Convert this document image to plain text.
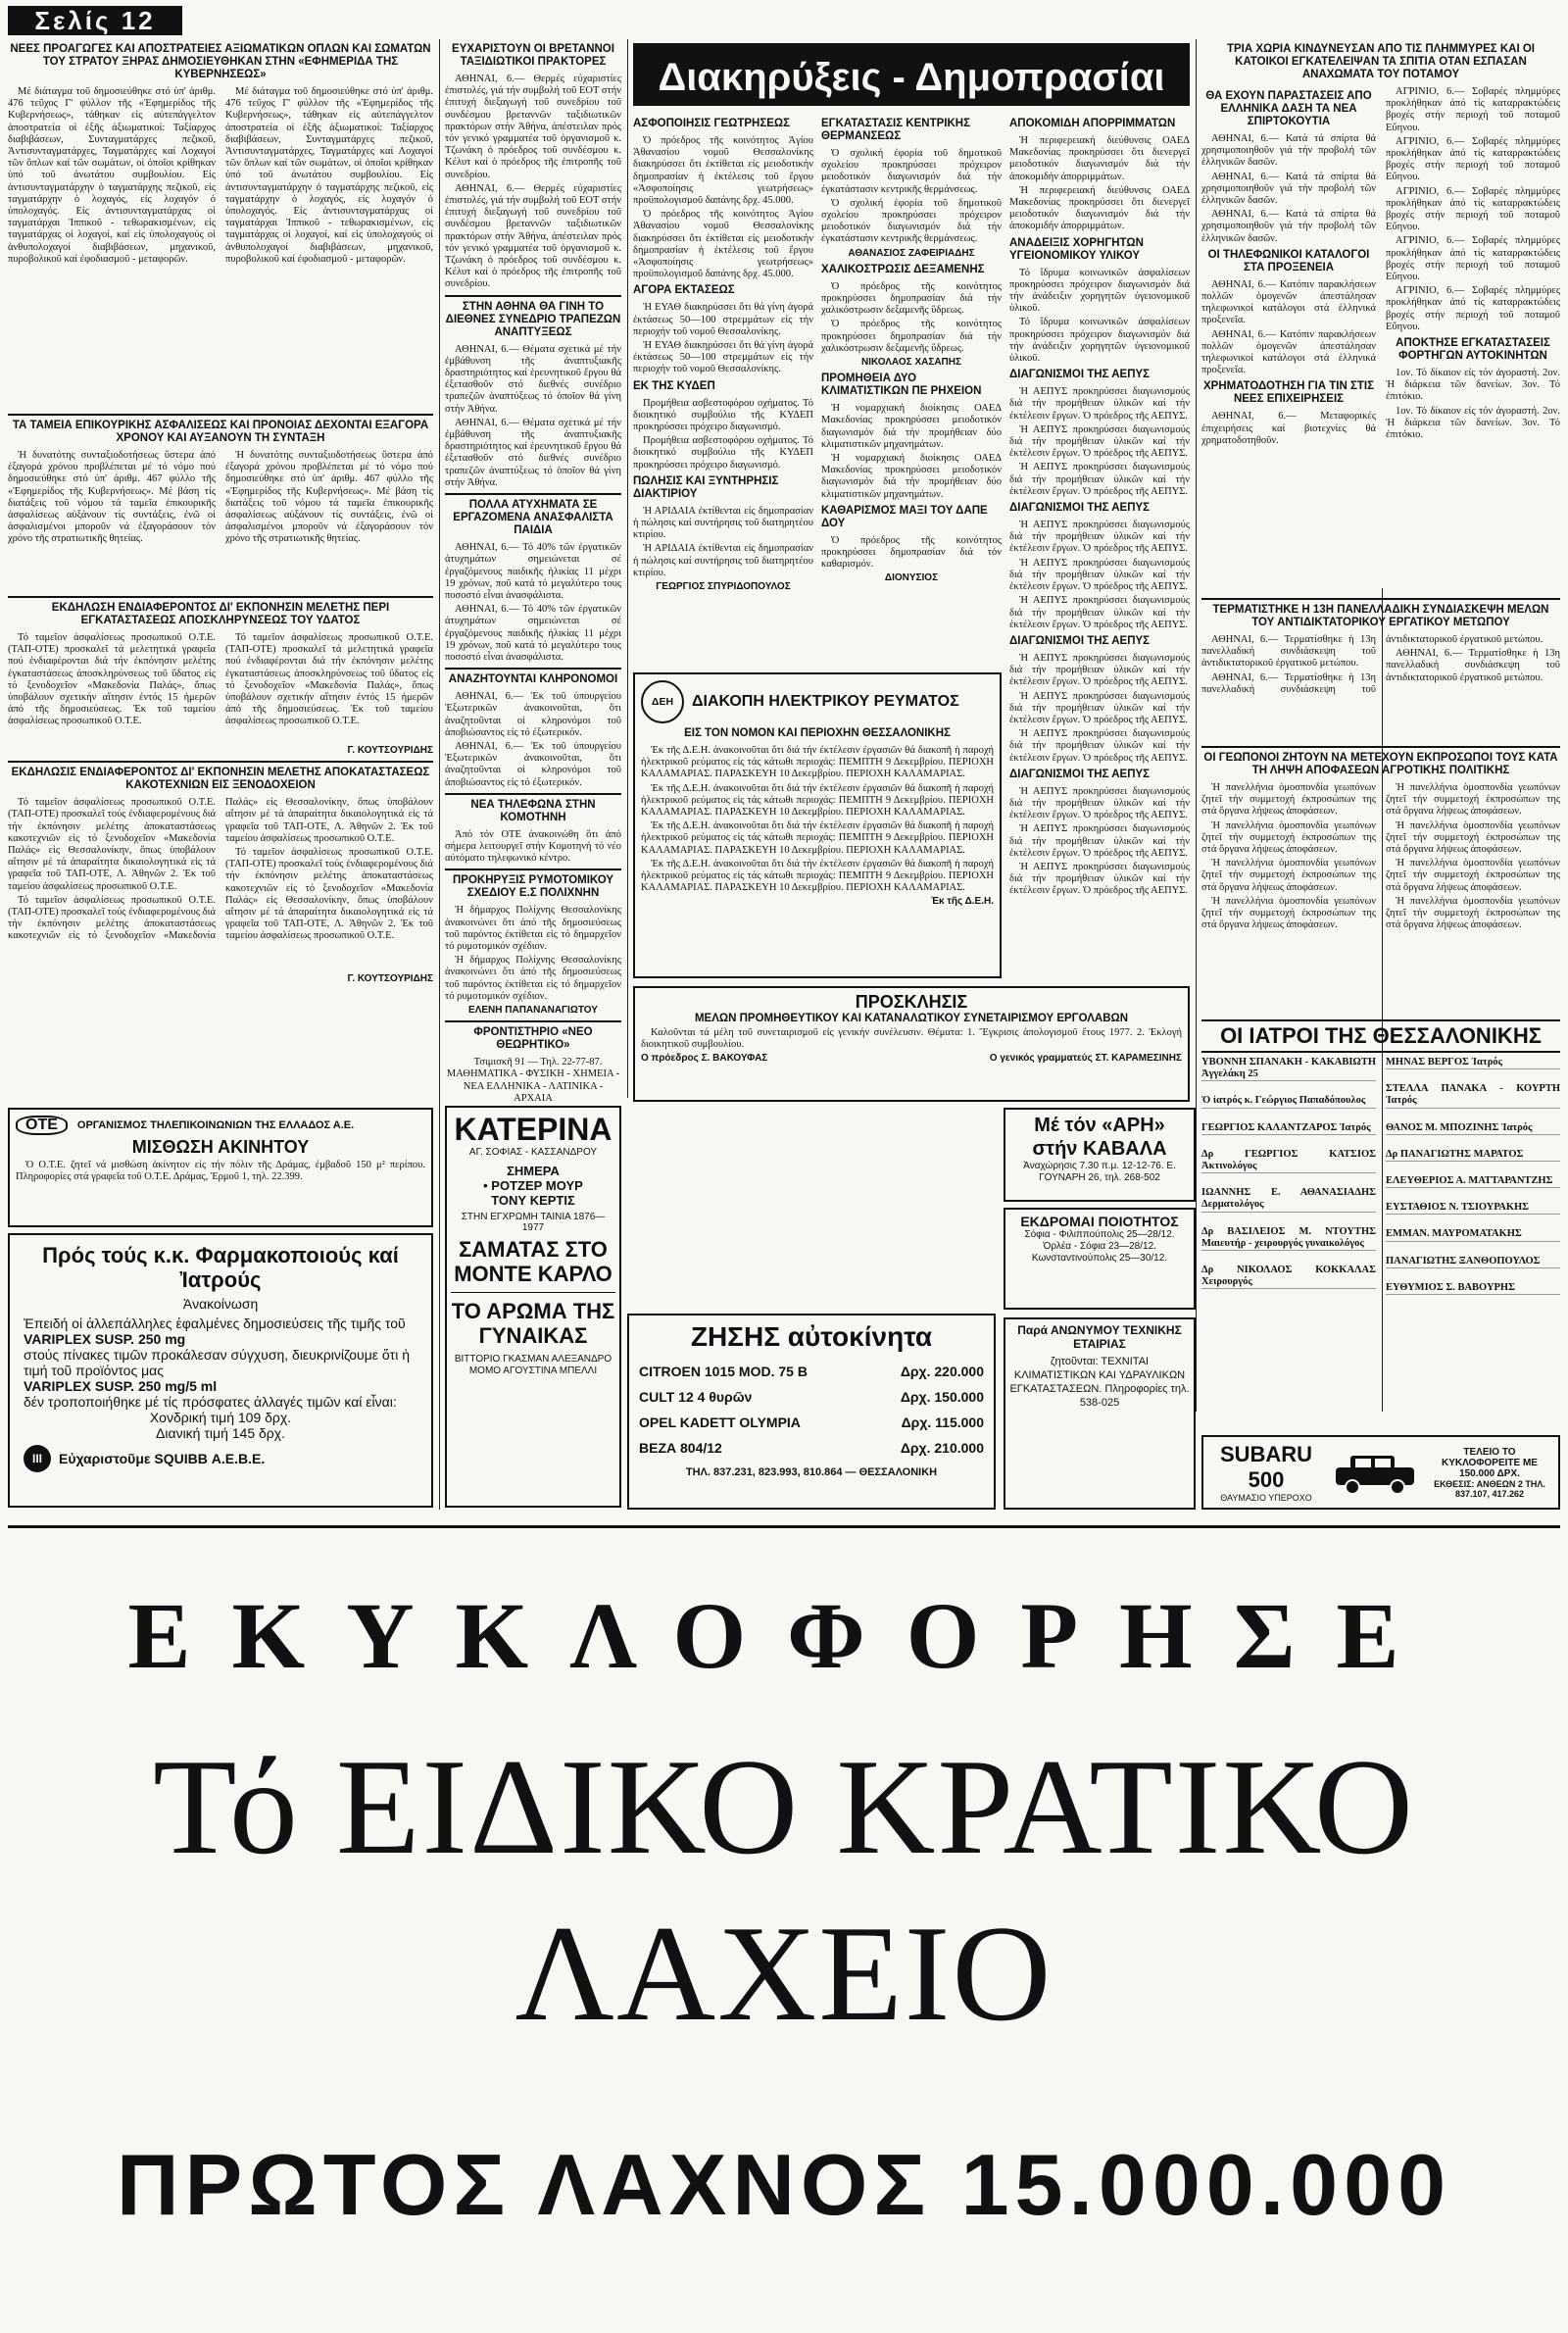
Σελίς 12
ΝΕΕΣ ΠΡΟΑΓΩΓΕΣ ΚΑΙ ΑΠΟΣΤΡΑΤΕΙΕΣ ΑΞΙΩΜΑΤΙΚΩΝ ΟΠΛΩΝ ΚΑΙ ΣΩΜΑΤΩΝ ΤΟΥ ΣΤΡΑΤΟΥ ΞΗΡΑΣ ΔΗΜΟΣΙΕΥΘΗΚΑΝ ΣΤΗΝ «ΕΦΗΜΕΡΙΔΑ ΤΗΣ ΚΥΒΕΡΝΗΣΕΩΣ»

Μέ διάταγμα τοῦ δημοσιεύθηκε στό ὑπ' ἀριθμ. 476 τεῦχος Γ' φύλλον τῆς «Ἐφημερίδος τῆς Κυβερνήσεως», τάθηκαν εἰς αὐτεπάγγελτον ἀποστρατεία οἱ ἑξῆς ἀξιωματικοί: Ταξίαρχος διαβιβάσεων, Συνταγματάρχες πεζικοῦ, Ἀντισυνταγματάρχες, Ταγματάρχες καί Λοχαγοί τῶν ὅπλων καί τῶν σωμάτων, οἱ ὁποῖοι κρίθηκαν ὑπό τοῦ ἀνωτάτου συμβουλίου. Εἰς ἀντισυνταγματάρχην ὁ ταγματάρχης πεζικοῦ, εἰς ταγματάρχην ὁ λοχαγός, εἰς λοχαγόν ὁ ὑπολοχαγός. Εἰς ἀντισυνταγματάρχας οἱ ταγματάρχαι Ἱππικοῦ - τεθωρακισμένων, εἰς ταγματάρχας οἱ λοχαγοί, καί εἰς ὑπολοχαγούς οἱ ἀνθυπολοχαγοί διαβιβάσεων, μηχανικοῦ, πυροβολικοῦ καί ἐφοδιασμοῦ - μεταφορῶν.

Μέ διάταγμα τοῦ δημοσιεύθηκε στό ὑπ' ἀριθμ. 476 τεῦχος Γ' φύλλον τῆς «Ἐφημερίδος τῆς Κυβερνήσεως», τάθηκαν εἰς αὐτεπάγγελτον ἀποστρατεία οἱ ἑξῆς ἀξιωματικοί: Ταξίαρχος διαβιβάσεων, Συνταγματάρχες πεζικοῦ, Ἀντισυνταγματάρχες, Ταγματάρχες καί Λοχαγοί τῶν ὅπλων καί τῶν σωμάτων, οἱ ὁποῖοι κρίθηκαν ὑπό τοῦ ἀνωτάτου συμβουλίου. Εἰς ἀντισυνταγματάρχην ὁ ταγματάρχης πεζικοῦ, εἰς ταγματάρχην ὁ λοχαγός, εἰς λοχαγόν ὁ ὑπολοχαγός. Εἰς ἀντισυνταγματάρχας οἱ ταγματάρχαι Ἱππικοῦ - τεθωρακισμένων, εἰς ταγματάρχας οἱ λοχαγοί, καί εἰς ὑπολοχαγούς οἱ ἀνθυπολοχαγοί διαβιβάσεων, μηχανικοῦ, πυροβολικοῦ καί ἐφοδιασμοῦ - μεταφορῶν.

ΤΑ ΤΑΜΕΙΑ ΕΠΙΚΟΥΡΙΚΗΣ ΑΣΦΑΛΙΣΕΩΣ ΚΑΙ ΠΡΟΝΟΙΑΣ ΔΕΧΟΝΤΑΙ ΕΞΑΓΟΡΑ ΧΡΟΝΟΥ ΚΑΙ ΑΥΞΑΝΟΥΝ ΤΗ ΣΥΝΤΑΞΗ

Ἡ δυνατότης συνταξιοδοτήσεως ὕστερα ἀπό ἐξαγορά χρόνου προβλέπεται μέ τό νόμο πού δημοσιεύθηκε στό ὑπ' ἀριθμ. 467 φύλλο τῆς «Ἐφημερίδος τῆς Κυβερνήσεως». Μέ βάση τίς διατάξεις τοῦ νόμου τά ταμεῖα ἐπικουρικῆς ἀσφαλίσεως αὐξάνουν τίς συντάξεις, ἐνῶ οἱ ἀσφαλισμένοι μποροῦν νά ἐξαγοράσουν τόν χρόνο τῆς στρατιωτικῆς θητείας.

Ἡ δυνατότης συνταξιοδοτήσεως ὕστερα ἀπό ἐξαγορά χρόνου προβλέπεται μέ τό νόμο πού δημοσιεύθηκε στό ὑπ' ἀριθμ. 467 φύλλο τῆς «Ἐφημερίδος τῆς Κυβερνήσεως». Μέ βάση τίς διατάξεις τοῦ νόμου τά ταμεῖα ἐπικουρικῆς ἀσφαλίσεως αὐξάνουν τίς συντάξεις, ἐνῶ οἱ ἀσφαλισμένοι μποροῦν νά ἐξαγοράσουν τόν χρόνο τῆς στρατιωτικῆς θητείας.

ΕΚΔΗΛΩΣΗ ΕΝΔΙΑΦΕΡΟΝΤΟΣ ΔΙ' ΕΚΠΟΝΗΣΙΝ ΜΕΛΕΤΗΣ ΠΕΡΙ ΕΓΚΑΤΑΣΤΑΣΕΩΣ ΑΠΟΣΚΛΗΡΥΝΣΕΩΣ ΤΟΥ ΥΔΑΤΟΣ

Τό ταμεῖον ἀσφαλίσεως προσωπικοῦ Ο.Τ.Ε. (ΤΑΠ-ΟΤΕ) προσκαλεῖ τά μελετητικά γραφεῖα πού ἐνδιαφέρονται διά τήν ἐκπόνησιν μελέτης ἐγκαταστάσεως ἀποσκληρύνσεως τοῦ ὕδατος εἰς τό ξενοδοχεῖον «Μακεδονία Παλάς», ὅπως ὑποβάλουν σχετικήν αἴτησιν ἐντός 15 ἡμερῶν ἀπό τῆς δημοσιεύσεως. Ἐκ τοῦ ταμείου ἀσφαλίσεως προσωπικοῦ Ο.Τ.Ε.

Τό ταμεῖον ἀσφαλίσεως προσωπικοῦ Ο.Τ.Ε. (ΤΑΠ-ΟΤΕ) προσκαλεῖ τά μελετητικά γραφεῖα πού ἐνδιαφέρονται διά τήν ἐκπόνησιν μελέτης ἐγκαταστάσεως ἀποσκληρύνσεως τοῦ ὕδατος εἰς τό ξενοδοχεῖον «Μακεδονία Παλάς», ὅπως ὑποβάλουν σχετικήν αἴτησιν ἐντός 15 ἡμερῶν ἀπό τῆς δημοσιεύσεως. Ἐκ τοῦ ταμείου ἀσφαλίσεως προσωπικοῦ Ο.Τ.Ε.

Γ. ΚΟΥΤΣΟΥΡΙΔΗΣ
ΕΚΔΗΛΩΣΙΣ ΕΝΔΙΑΦΕΡΟΝΤΟΣ ΔΙ' ΕΚΠΟΝΗΣΙΝ ΜΕΛΕΤΗΣ ΑΠΟΚΑΤΑΣΤΑΣΕΩΣ ΚΑΚΟΤΕΧΝΙΩΝ ΕΙΣ ΞΕΝΟΔΟΧΕΙΟΝ

Τό ταμεῖον ἀσφαλίσεως προσωπικοῦ Ο.Τ.Ε. (ΤΑΠ-ΟΤΕ) προσκαλεῖ τούς ἐνδιαφερομένους διά τήν ἐκπόνησιν μελέτης ἀποκαταστάσεως κακοτεχνιῶν εἰς τό ξενοδοχεῖον «Μακεδονία Παλάς» εἰς Θεσσαλονίκην, ὅπως ὑποβάλουν αἴτησιν μέ τά ἀπαραίτητα δικαιολογητικά εἰς τά γραφεῖα τοῦ ΤΑΠ-ΟΤΕ, Λ. Ἀθηνῶν 2. Ἐκ τοῦ ταμείου ἀσφαλίσεως προσωπικοῦ Ο.Τ.Ε.

Τό ταμεῖον ἀσφαλίσεως προσωπικοῦ Ο.Τ.Ε. (ΤΑΠ-ΟΤΕ) προσκαλεῖ τούς ἐνδιαφερομένους διά τήν ἐκπόνησιν μελέτης ἀποκαταστάσεως κακοτεχνιῶν εἰς τό ξενοδοχεῖον «Μακεδονία Παλάς» εἰς Θεσσαλονίκην, ὅπως ὑποβάλουν αἴτησιν μέ τά ἀπαραίτητα δικαιολογητικά εἰς τά γραφεῖα τοῦ ΤΑΠ-ΟΤΕ, Λ. Ἀθηνῶν 2. Ἐκ τοῦ ταμείου ἀσφαλίσεως προσωπικοῦ Ο.Τ.Ε.

Τό ταμεῖον ἀσφαλίσεως προσωπικοῦ Ο.Τ.Ε. (ΤΑΠ-ΟΤΕ) προσκαλεῖ τούς ἐνδιαφερομένους διά τήν ἐκπόνησιν μελέτης ἀποκαταστάσεως κακοτεχνιῶν εἰς τό ξενοδοχεῖον «Μακεδονία Παλάς» εἰς Θεσσαλονίκην, ὅπως ὑποβάλουν αἴτησιν μέ τά ἀπαραίτητα δικαιολογητικά εἰς τά γραφεῖα τοῦ ΤΑΠ-ΟΤΕ, Λ. Ἀθηνῶν 2. Ἐκ τοῦ ταμείου ἀσφαλίσεως προσωπικοῦ Ο.Τ.Ε.

Γ. ΚΟΥΤΣΟΥΡΙΔΗΣ
ΕΥΧΑΡΙΣΤΟΥΝ ΟΙ ΒΡΕΤΑΝΝΟΙ ΤΑΞΙΔΙΩΤΙΚΟΙ ΠΡΑΚΤΟΡΕΣ

ΑΘΗΝΑΙ, 6.— Θερμές εὐχαριστίες ἐπιστολές, γιά τήν συμβολή τοῦ ΕΟΤ στήν ἐπιτυχή διεξαγωγή τοῦ συνεδρίου τοῦ συνδέσμου βρεταννῶν ταξιδιωτικῶν πρακτόρων στήν Ἀθήνα, ἀπέστειλαν πρός τόν γενικό γραμματέα τοῦ ὀργανισμοῦ κ. Τζωνάκη ὁ πρόεδρος τοῦ συνδέσμου κ. Κέλυτ καί ὁ πρόεδρος τῆς ἐπιτροπῆς τοῦ συνεδρίου.

ΑΘΗΝΑΙ, 6.— Θερμές εὐχαριστίες ἐπιστολές, γιά τήν συμβολή τοῦ ΕΟΤ στήν ἐπιτυχή διεξαγωγή τοῦ συνεδρίου τοῦ συνδέσμου βρεταννῶν ταξιδιωτικῶν πρακτόρων στήν Ἀθήνα, ἀπέστειλαν πρός τόν γενικό γραμματέα τοῦ ὀργανισμοῦ κ. Τζωνάκη ὁ πρόεδρος τοῦ συνδέσμου κ. Κέλυτ καί ὁ πρόεδρος τῆς ἐπιτροπῆς τοῦ συνεδρίου.

ΣΤΗΝ ΑΘΗΝΑ ΘΑ ΓΙΝΗ ΤΟ ΔΙΕΘΝΕΣ ΣΥΝΕΔΡΙΟ ΤΡΑΠΕΖΩΝ ΑΝΑΠΤΥΞΕΩΣ

ΑΘΗΝΑΙ, 6.— Θέματα σχετικά μέ τήν ἐμβάθυνση τῆς ἀναπτυξιακῆς δραστηριότητος καί ἐρευνητικοῦ ἔργου θά ἐξετασθοῦν στό διεθνές συνέδριο τραπεζῶν ἀναπτύξεως τό ὁποῖον θά γίνη στήν Ἀθήνα.

ΑΘΗΝΑΙ, 6.— Θέματα σχετικά μέ τήν ἐμβάθυνση τῆς ἀναπτυξιακῆς δραστηριότητος καί ἐρευνητικοῦ ἔργου θά ἐξετασθοῦν στό διεθνές συνέδριο τραπεζῶν ἀναπτύξεως τό ὁποῖον θά γίνη στήν Ἀθήνα.

ΠΟΛΛΑ ΑΤΥΧΗΜΑΤΑ ΣΕ ΕΡΓΑΖΟΜΕΝΑ ΑΝΑΣΦΑΛΙΣΤΑ ΠΑΙΔΙΑ

ΑΘΗΝΑΙ, 6.— Τό 40% τῶν ἐργατικῶν ἀτυχημάτων σημειώνεται σέ ἐργαζόμενους παιδικῆς ἡλικίας 11 μέχρι 19 χρόνων, ποῦ κατά τό μεγαλύτερο τους ποσοστό εἶναι ἀνασφάλιστα.

ΑΘΗΝΑΙ, 6.— Τό 40% τῶν ἐργατικῶν ἀτυχημάτων σημειώνεται σέ ἐργαζόμενους παιδικῆς ἡλικίας 11 μέχρι 19 χρόνων, ποῦ κατά τό μεγαλύτερο τους ποσοστό εἶναι ἀνασφάλιστα.

ΑΝΑΖΗΤΟΥΝΤΑΙ ΚΛΗΡΟΝΟΜΟΙ

ΑΘΗΝΑΙ, 6.— Ἐκ τοῦ ὑπουργείου Ἐξωτερικῶν ἀνακοινοῦται, ὅτι ἀναζητοῦνται οἱ κληρονόμοι τοῦ ἀποβιώσαντος εἰς τό ἐξωτερικόν.

ΑΘΗΝΑΙ, 6.— Ἐκ τοῦ ὑπουργείου Ἐξωτερικῶν ἀνακοινοῦται, ὅτι ἀναζητοῦνται οἱ κληρονόμοι τοῦ ἀποβιώσαντος εἰς τό ἐξωτερικόν.

ΝΕΑ ΤΗΛΕΦΩΝΑ ΣΤΗΝ ΚΟΜΟΤΗΝΗ

Ἀπό τόν ΟΤΕ ἀνακοινώθη ὅτι ἀπό σήμερα λειτουργεῖ στήν Κομοτηνή τό νέο αὐτόματο τηλεφωνικό κέντρο.

ΠΡΟΚΗΡΥΞΙΣ ΡΥΜΟΤΟΜΙΚΟΥ ΣΧΕΔΙΟΥ Ε.Σ ΠΟΛΙΧΝΗΝ

Ἡ δήμαρχος Πολίχνης Θεσσαλονίκης ἀνακοινώνει ὅτι ἀπό τῆς δημοσιεύσεως τοῦ παρόντος ἐκτίθεται εἰς τό δημαρχεῖον τό ρυμοτομικόν σχέδιον.

Ἡ δήμαρχος Πολίχνης Θεσσαλονίκης ἀνακοινώνει ὅτι ἀπό τῆς δημοσιεύσεως τοῦ παρόντος ἐκτίθεται εἰς τό δημαρχεῖον τό ρυμοτομικόν σχέδιον.

ΕΛΕΝΗ ΠΑΠΑΝΑΝΑΓΙΩΤΟΥ
ΦΡΟΝΤΙΣΤΗΡΙΟ «ΝΕΟ ΘΕΩΡΗΤΙΚΟ»

Τσιμισκῆ 91 — Τηλ. 22-77-87. ΜΑΘΗΜΑΤΙΚΑ - ΦΥΣΙΚΗ - ΧΗΜΕΙΑ - ΝΕΑ ΕΛΛΗΝΙΚΑ - ΛΑΤΙΝΙΚΑ - ΑΡΧΑΙΑ

Διακηρύξεις - Δημοπρασίαι
ΑΣΦΟΠΟΙΗΣΙΣ ΓΕΩΤΡΗΣΕΩΣ

Ὁ πρόεδρος τῆς κοινότητος Ἁγίου Ἀθανασίου νομοῦ Θεσσαλονίκης διακηρύσσει ὅτι ἐκτίθεται εἰς μειοδοτικήν δημοπρασίαν ἡ ἐκτέλεσις τοῦ ἔργου «Ἀσφοποίησις γεωτρήσεως» προϋπολογισμοῦ δαπάνης δρχ. 45.000.

Ὁ πρόεδρος τῆς κοινότητος Ἁγίου Ἀθανασίου νομοῦ Θεσσαλονίκης διακηρύσσει ὅτι ἐκτίθεται εἰς μειοδοτικήν δημοπρασίαν ἡ ἐκτέλεσις τοῦ ἔργου «Ἀσφοποίησις γεωτρήσεως» προϋπολογισμοῦ δαπάνης δρχ. 45.000.

ΑΓΟΡΑ ΕΚΤΑΣΕΩΣ

Ἡ ΕΥΑΘ διακηρύσσει ὅτι θά γίνη ἀγορά ἐκτάσεως 50—100 στρεμμάτων εἰς τήν περιοχήν τοῦ νομοῦ Θεσσαλονίκης.

Ἡ ΕΥΑΘ διακηρύσσει ὅτι θά γίνη ἀγορά ἐκτάσεως 50—100 στρεμμάτων εἰς τήν περιοχήν τοῦ νομοῦ Θεσσαλονίκης.

ΕΚ ΤΗΣ ΚΥΔΕΠ

Προμήθεια ασβεστοφόρου οχήματος. Τό διοικητικό συμβούλιο τῆς ΚΥΔΕΠ προκηρύσσει πρόχειρο διαγωνισμό.

Προμήθεια ασβεστοφόρου οχήματος. Τό διοικητικό συμβούλιο τῆς ΚΥΔΕΠ προκηρύσσει πρόχειρο διαγωνισμό.

ΠΩΛΗΣΙΣ ΚΑΙ ΞΥΝΤΗΡΗΣΙΣ ΔΙΑΚΤΙΡΙΟΥ

Ἡ ΑΡΙΔΑΙΑ ἐκτίθενται εἰς δημοπρασίαν ἡ πώλησις καί συντήρησις τοῦ διατηρητέου κτιρίου.

Ἡ ΑΡΙΔΑΙΑ ἐκτίθενται εἰς δημοπρασίαν ἡ πώλησις καί συντήρησις τοῦ διατηρητέου κτιρίου.

ΓΕΩΡΓΙΟΣ ΣΠΥΡΙΔΟΠΟΥΛΟΣ
ΕΓΚΑΤΑΣΤΑΣΙΣ ΚΕΝΤΡΙΚΗΣ ΘΕΡΜΑΝΣΕΩΣ

Ὁ σχολική ἐφορία τοῦ δημοτικοῦ σχολείου προκηρύσσει πρόχειρον μειοδοτικόν διαγωνισμόν διά τήν ἐγκατάστασιν κεντρικῆς θερμάνσεως.

Ὁ σχολική ἐφορία τοῦ δημοτικοῦ σχολείου προκηρύσσει πρόχειρον μειοδοτικόν διαγωνισμόν διά τήν ἐγκατάστασιν κεντρικῆς θερμάνσεως.

ΑΘΑΝΑΣΙΟΣ ΖΑΦΕΙΡΙΑΔΗΣ
ΧΑΛΙΚΟΣΤΡΩΣΙΣ ΔΕΞΑΜΕΝΗΣ

Ὁ πρόεδρος τῆς κοινότητος προκηρύσσει δημοπρασίαν διά τήν χαλικόστρωσιν δεξαμενῆς ὕδρεως.

Ὁ πρόεδρος τῆς κοινότητος προκηρύσσει δημοπρασίαν διά τήν χαλικόστρωσιν δεξαμενῆς ὕδρεως.

ΝΙΚΟΛΑΟΣ ΧΑΣΑΠΗΣ
ΠΡΟΜΗΘΕΙΑ ΔΥΟ ΚΛΙΜΑΤΙΣΤΙΚΩΝ ΠΕ ΡΗΧΕΙΟΝ

Ἡ νομαρχιακή διοίκησις ΟΑΕΔ Μακεδονίας προκηρύσσει μειοδοτικόν διαγωνισμόν διά τήν προμήθειαν δύο κλιματιστικῶν μηχανημάτων.

Ἡ νομαρχιακή διοίκησις ΟΑΕΔ Μακεδονίας προκηρύσσει μειοδοτικόν διαγωνισμόν διά τήν προμήθειαν δύο κλιματιστικῶν μηχανημάτων.

ΚΑΘΑΡΙΣΜΟΣ ΜΑΞΙ ΤΟΥ ΔΑΠΕ ΔΟΥ

Ὁ πρόεδρος τῆς κοινότητος προκηρύσσει δημοπρασίαν διά τόν καθαρισμόν.

ΔΙΟΝΥΣΙΟΣ
ΑΠΟΚΟΜΙΔΗ ΑΠΟΡΡΙΜΜΑΤΩΝ

Ἡ περιφερειακή διεύθυνσις ΟΑΕΔ Μακεδονίας προκηρύσσει ὅτι διενεργεῖ μειοδοτικόν διαγωνισμόν διά τήν ἀποκομιδήν ἀπορριμμάτων.

Ἡ περιφερειακή διεύθυνσις ΟΑΕΔ Μακεδονίας προκηρύσσει ὅτι διενεργεῖ μειοδοτικόν διαγωνισμόν διά τήν ἀποκομιδήν ἀπορριμμάτων.

ΑΝΑΔΕΙΞΙΣ ΧΟΡΗΓΗΤΩΝ ΥΓΕΙΟΝΟΜΙΚΟΥ ΥΛΙΚΟΥ

Τό ἵδρυμα κοινωνικῶν ἀσφαλίσεων προκηρύσσει πρόχειρον διαγωνισμόν διά τήν ἀνάδειξιν χορηγητῶν ὑγειονομικοῦ ὑλικοῦ.

Τό ἵδρυμα κοινωνικῶν ἀσφαλίσεων προκηρύσσει πρόχειρον διαγωνισμόν διά τήν ἀνάδειξιν χορηγητῶν ὑγειονομικοῦ ὑλικοῦ.

ΔΙΑΓΩΝΙΣΜΟΙ ΤΗΣ ΑΕΠΥΣ

Ἡ ΑΕΠΥΣ προκηρύσσει διαγωνισμούς διά τήν προμήθειαν ὑλικῶν καί τήν ἐκτέλεσιν ἔργων. Ὁ πρόεδρος τῆς ΑΕΠΥΣ.

Ἡ ΑΕΠΥΣ προκηρύσσει διαγωνισμούς διά τήν προμήθειαν ὑλικῶν καί τήν ἐκτέλεσιν ἔργων. Ὁ πρόεδρος τῆς ΑΕΠΥΣ.

Ἡ ΑΕΠΥΣ προκηρύσσει διαγωνισμούς διά τήν προμήθειαν ὑλικῶν καί τήν ἐκτέλεσιν ἔργων. Ὁ πρόεδρος τῆς ΑΕΠΥΣ.

ΔΙΑΓΩΝΙΣΜΟΙ ΤΗΣ ΑΕΠΥΣ

Ἡ ΑΕΠΥΣ προκηρύσσει διαγωνισμούς διά τήν προμήθειαν ὑλικῶν καί τήν ἐκτέλεσιν ἔργων. Ὁ πρόεδρος τῆς ΑΕΠΥΣ.

Ἡ ΑΕΠΥΣ προκηρύσσει διαγωνισμούς διά τήν προμήθειαν ὑλικῶν καί τήν ἐκτέλεσιν ἔργων. Ὁ πρόεδρος τῆς ΑΕΠΥΣ.

Ἡ ΑΕΠΥΣ προκηρύσσει διαγωνισμούς διά τήν προμήθειαν ὑλικῶν καί τήν ἐκτέλεσιν ἔργων. Ὁ πρόεδρος τῆς ΑΕΠΥΣ.

ΔΙΑΓΩΝΙΣΜΟΙ ΤΗΣ ΑΕΠΥΣ

Ἡ ΑΕΠΥΣ προκηρύσσει διαγωνισμούς διά τήν προμήθειαν ὑλικῶν καί τήν ἐκτέλεσιν ἔργων. Ὁ πρόεδρος τῆς ΑΕΠΥΣ.

Ἡ ΑΕΠΥΣ προκηρύσσει διαγωνισμούς διά τήν προμήθειαν ὑλικῶν καί τήν ἐκτέλεσιν ἔργων. Ὁ πρόεδρος τῆς ΑΕΠΥΣ.

Ἡ ΑΕΠΥΣ προκηρύσσει διαγωνισμούς διά τήν προμήθειαν ὑλικῶν καί τήν ἐκτέλεσιν ἔργων. Ὁ πρόεδρος τῆς ΑΕΠΥΣ.

ΔΙΑΓΩΝΙΣΜΟΙ ΤΗΣ ΑΕΠΥΣ

Ἡ ΑΕΠΥΣ προκηρύσσει διαγωνισμούς διά τήν προμήθειαν ὑλικῶν καί τήν ἐκτέλεσιν ἔργων. Ὁ πρόεδρος τῆς ΑΕΠΥΣ.

Ἡ ΑΕΠΥΣ προκηρύσσει διαγωνισμούς διά τήν προμήθειαν ὑλικῶν καί τήν ἐκτέλεσιν ἔργων. Ὁ πρόεδρος τῆς ΑΕΠΥΣ.

Ἡ ΑΕΠΥΣ προκηρύσσει διαγωνισμούς διά τήν προμήθειαν ὑλικῶν καί τήν ἐκτέλεσιν ἔργων. Ὁ πρόεδρος τῆς ΑΕΠΥΣ.

ΔΕΗ	ΔΙΑΚΟΠΗ ΗΛΕΚΤΡΙΚΟΥ ΡΕΥΜΑΤΟΣ
ΕΙΣ ΤΟΝ ΝΟΜΟΝ ΚΑΙ ΠΕΡΙΟΧΗΝ ΘΕΣΣΑΛΟΝΙΚΗΣ

Ἐκ τῆς Δ.Ε.Η. ἀνακοινοῦται ὅτι διά τήν ἐκτέλεσιν ἐργασιῶν θά διακοπῆ ἡ παροχή ἠλεκτρικοῦ ρεύματος εἰς τάς κάτωθι περιοχάς: ΠΕΜΠΤΗ 9 Δεκεμβρίου. ΠΕΡΙΟΧΗ ΚΑΛΑΜΑΡΙΑΣ. ΠΑΡΑΣΚΕΥΗ 10 Δεκεμβρίου. ΠΕΡΙΟΧΗ ΚΑΛΑΜΑΡΙΑΣ.

Ἐκ τῆς Δ.Ε.Η. ἀνακοινοῦται ὅτι διά τήν ἐκτέλεσιν ἐργασιῶν θά διακοπῆ ἡ παροχή ἠλεκτρικοῦ ρεύματος εἰς τάς κάτωθι περιοχάς: ΠΕΜΠΤΗ 9 Δεκεμβρίου. ΠΕΡΙΟΧΗ ΚΑΛΑΜΑΡΙΑΣ. ΠΑΡΑΣΚΕΥΗ 10 Δεκεμβρίου. ΠΕΡΙΟΧΗ ΚΑΛΑΜΑΡΙΑΣ.

Ἐκ τῆς Δ.Ε.Η. ἀνακοινοῦται ὅτι διά τήν ἐκτέλεσιν ἐργασιῶν θά διακοπῆ ἡ παροχή ἠλεκτρικοῦ ρεύματος εἰς τάς κάτωθι περιοχάς: ΠΕΜΠΤΗ 9 Δεκεμβρίου. ΠΕΡΙΟΧΗ ΚΑΛΑΜΑΡΙΑΣ. ΠΑΡΑΣΚΕΥΗ 10 Δεκεμβρίου. ΠΕΡΙΟΧΗ ΚΑΛΑΜΑΡΙΑΣ.

Ἐκ τῆς Δ.Ε.Η. ἀνακοινοῦται ὅτι διά τήν ἐκτέλεσιν ἐργασιῶν θά διακοπῆ ἡ παροχή ἠλεκτρικοῦ ρεύματος εἰς τάς κάτωθι περιοχάς: ΠΕΜΠΤΗ 9 Δεκεμβρίου. ΠΕΡΙΟΧΗ ΚΑΛΑΜΑΡΙΑΣ. ΠΑΡΑΣΚΕΥΗ 10 Δεκεμβρίου. ΠΕΡΙΟΧΗ ΚΑΛΑΜΑΡΙΑΣ.

Ἐκ τῆς Δ.Ε.Η.
ΠΡΟΣΚΛΗΣΙΣ
ΜΕΛΩΝ ΠΡΟΜΗΘΕΥΤΙΚΟΥ ΚΑΙ ΚΑΤΑΝΑΛΩΤΙΚΟΥ ΣΥΝΕΤΑΙΡΙΣΜΟΥ ΕΡΓΟΛΑΒΩΝ

Καλοῦνται τά μέλη τοῦ συνεταιρισμοῦ εἰς γενικήν συνέλευσιν. Θέματα: 1. Ἔγκρισις ἀπολογισμοῦ ἔτους 1977. 2. Ἐκλογή διοικητικοῦ συμβουλίου.

Ο πρόεδρος Σ. ΒΑΚΟΥΦΑΣ	Ο γενικός γραμματεύς ΣΤ. ΚΑΡΑΜΕΣΙΝΗΣ
ΤΡΙΑ ΧΩΡΙΑ ΚΙΝΔΥΝΕΥΣΑΝ ΑΠΟ ΤΙΣ ΠΛΗΜΜΥΡΕΣ ΚΑΙ ΟΙ ΚΑΤΟΙΚΟΙ ΕΓΚΑΤΕΛΕΙΨΑΝ ΤΑ ΣΠΙΤΙΑ ΟΤΑΝ ΕΣΠΑΣΑΝ ΑΝΑΧΩΜΑΤΑ ΤΟΥ ΠΟΤΑΜΟΥ
ΘΑ ΕΧΟΥΝ ΠΑΡΑΣΤΑΣΕΙΣ ΑΠΟ ΕΛΛΗΝΙΚΑ ΔΑΣΗ ΤΑ ΝΕΑ ΣΠΙΡΤΟΚΟΥΤΙΑ

ΑΘΗΝΑΙ, 6.— Κατά τά σπίρτα θά χρησιμοποιηθοῦν γιά τήν προβολή τῶν ἑλληνικῶν δασῶν.

ΑΘΗΝΑΙ, 6.— Κατά τά σπίρτα θά χρησιμοποιηθοῦν γιά τήν προβολή τῶν ἑλληνικῶν δασῶν.

ΑΘΗΝΑΙ, 6.— Κατά τά σπίρτα θά χρησιμοποιηθοῦν γιά τήν προβολή τῶν ἑλληνικῶν δασῶν.

ΟΙ ΤΗΛΕΦΩΝΙΚΟΙ ΚΑΤΑΛΟΓΟΙ ΣΤΑ ΠΡΟΞΕΝΕΙΑ

ΑΘΗΝΑΙ, 6.— Κατόπιν παρακλήσεων πολλῶν ὁμογενῶν ἀπεστάλησαν τηλεφωνικοί κατάλογοι στά ἑλληνικά προξενεῖα.

ΑΘΗΝΑΙ, 6.— Κατόπιν παρακλήσεων πολλῶν ὁμογενῶν ἀπεστάλησαν τηλεφωνικοί κατάλογοι στά ἑλληνικά προξενεῖα.

ΧΡΗΜΑΤΟΔΟΤΗΣΗ ΓΙΑ ΤΙΝ ΣΤΙΣ ΝΕΕΣ ΕΠΙΧΕΙΡΗΣΕΙΣ

ΑΘΗΝΑΙ, 6.— Μεταφορικές ἐπιχειρήσεις καί βιοτεχνίες θά χρηματοδοτηθοῦν.

ΑΓΡΙΝΙΟ, 6.— Σοβαρές πλημμύρες προκλήθηκαν ἀπό τίς καταρρακτώδεις βροχές στήν περιοχή τοῦ ποταμοῦ Εὔηνου.

ΑΓΡΙΝΙΟ, 6.— Σοβαρές πλημμύρες προκλήθηκαν ἀπό τίς καταρρακτώδεις βροχές στήν περιοχή τοῦ ποταμοῦ Εὔηνου.

ΑΓΡΙΝΙΟ, 6.— Σοβαρές πλημμύρες προκλήθηκαν ἀπό τίς καταρρακτώδεις βροχές στήν περιοχή τοῦ ποταμοῦ Εὔηνου.

ΑΓΡΙΝΙΟ, 6.— Σοβαρές πλημμύρες προκλήθηκαν ἀπό τίς καταρρακτώδεις βροχές στήν περιοχή τοῦ ποταμοῦ Εὔηνου.

ΑΓΡΙΝΙΟ, 6.— Σοβαρές πλημμύρες προκλήθηκαν ἀπό τίς καταρρακτώδεις βροχές στήν περιοχή τοῦ ποταμοῦ Εὔηνου.

ΑΠΟΚΤΗΣΕ ΕΓΚΑΤΑΣΤΑΣΕΙΣ ΦΟΡΤΗΓΩΝ ΑΥΤΟΚΙΝΗΤΩΝ

1ον. Τό δίκαιον εἰς τόν ἀγοραστή. 2ον. Ἡ διάρκεια τῶν δανείων. 3ον. Τό ἐπιτόκιο.

1ον. Τό δίκαιον εἰς τόν ἀγοραστή. 2ον. Ἡ διάρκεια τῶν δανείων. 3ον. Τό ἐπιτόκιο.

ΤΕΡΜΑΤΙΣΤΗΚΕ Η 13Η ΠΑΝΕΛΛΑΔΙΚΗ ΣΥΝΔΙΑΣΚΕΨΗ ΜΕΛΩΝ ΤΟΥ ΑΝΤΙΔΙΚΤΑΤΟΡΙΚΟΥ ΕΡΓΑΤΙΚΟΥ ΜΕΤΩΠΟΥ

ΑΘΗΝΑΙ, 6.— Τερματίσθηκε ἡ 13η πανελλαδική συνδιάσκεψη τοῦ ἀντιδικτατορικοῦ ἐργατικοῦ μετώπου.

ΑΘΗΝΑΙ, 6.— Τερματίσθηκε ἡ 13η πανελλαδική συνδιάσκεψη τοῦ ἀντιδικτατορικοῦ ἐργατικοῦ μετώπου.

ΑΘΗΝΑΙ, 6.— Τερματίσθηκε ἡ 13η πανελλαδική συνδιάσκεψη τοῦ ἀντιδικτατορικοῦ ἐργατικοῦ μετώπου.

ΟΙ ΓΕΩΠΟΝΟΙ ΖΗΤΟΥΝ ΝΑ ΜΕΤΕΧΟΥΝ ΕΚΠΡΟΣΩΠΟΙ ΤΟΥΣ ΚΑΤΑ ΤΗ ΛΗΨΗ ΑΠΟΦΑΣΕΩΝ ΑΓΡΟΤΙΚΗΣ ΠΟΛΙΤΙΚΗΣ

Ἡ πανελλήνια ὁμοσπονδία γεωπόνων ζητεῖ τήν συμμετοχή ἐκπροσώπων της στά ὄργανα λήψεως ἀποφάσεων.

Ἡ πανελλήνια ὁμοσπονδία γεωπόνων ζητεῖ τήν συμμετοχή ἐκπροσώπων της στά ὄργανα λήψεως ἀποφάσεων.

Ἡ πανελλήνια ὁμοσπονδία γεωπόνων ζητεῖ τήν συμμετοχή ἐκπροσώπων της στά ὄργανα λήψεως ἀποφάσεων.

Ἡ πανελλήνια ὁμοσπονδία γεωπόνων ζητεῖ τήν συμμετοχή ἐκπροσώπων της στά ὄργανα λήψεως ἀποφάσεων.

Ἡ πανελλήνια ὁμοσπονδία γεωπόνων ζητεῖ τήν συμμετοχή ἐκπροσώπων της στά ὄργανα λήψεως ἀποφάσεων.

Ἡ πανελλήνια ὁμοσπονδία γεωπόνων ζητεῖ τήν συμμετοχή ἐκπροσώπων της στά ὄργανα λήψεως ἀποφάσεων.

Ἡ πανελλήνια ὁμοσπονδία γεωπόνων ζητεῖ τήν συμμετοχή ἐκπροσώπων της στά ὄργανα λήψεως ἀποφάσεων.

Ἡ πανελλήνια ὁμοσπονδία γεωπόνων ζητεῖ τήν συμμετοχή ἐκπροσώπων της στά ὄργανα λήψεως ἀποφάσεων.

ΟΙ ΙΑΤΡΟΙ ΤΗΣ ΘΕΣΣΑΛΟΝΙΚΗΣ
ΥΒΟΝΝΗ ΣΠΑΝΑΚΗ - ΚΑΚΑΒΙΩΤΗ Ἀγγελάκη 25
Ὁ ἰατρός κ. Γεώργιος Παπαδόπουλος
ΓΕΩΡΓΙΟΣ ΚΑΛΑΝΤΖΑΡΟΣ Ἰατρός
Δρ ΓΕΩΡΓΙΟΣ ΚΑΤΣΙΟΣ Ἀκτινολόγος
ΙΩΑΝΝΗΣ Ε. ΑΘΑΝΑΣΙΑΔΗΣ Δερματολόγος
Δρ ΒΑΣΙΛΕΙΟΣ Μ. ΝΤΟΥΤΗΣ Μαιευτήρ - χειρουργός γυναικολόγος
Δρ ΝΙΚΟΛΑΟΣ ΚΟΚΚΑΛΑΣ Χειρουργός
ΜΗΝΑΣ ΒΕΡΓΟΣ Ἰατρός
ΣΤΕΛΛΑ ΠΑΝΑΚΑ - ΚΟΥΡΤΗ Ἰατρός
ΘΑΝΟΣ Μ. ΜΠΟΖΙΝΗΣ Ἰατρός
Δρ ΠΑΝΑΓΙΩΤΗΣ ΜΑΡΑΤΟΣ
ΕΛΕΥΘΕΡΙΟΣ Α. ΜΑΤΤΑΡΑΝΤΖΗΣ
ΕΥΣΤΑΘΙΟΣ Ν. ΤΣΙΟΥΡΑΚΗΣ
ΕΜΜΑΝ. ΜΑΥΡΟΜΑΤΑΚΗΣ
ΠΑΝΑΓΙΩΤΗΣ ΞΑΝΘΟΠΟΥΛΟΣ
ΕΥΘΥΜΙΟΣ Σ. ΒΑΒΟΥΡΗΣ
ΟΤΕ	ΟΡΓΑΝΙΣΜΟΣ ΤΗΛΕΠΙΚΟΙΝΩΝΙΩΝ ΤΗΣ ΕΛΛΑΔΟΣ Α.Ε.
ΜΙΣΘΩΣΗ ΑΚΙΝΗΤΟΥ

Ὁ Ο.Τ.Ε. ζητεῖ νά μισθώση ἀκίνητον εἰς τήν πόλιν τῆς Δράμας, ἐμβαδοῦ 150 μ² περίπου. Πληροφορίες στά γραφεῖα τοῦ Ο.Τ.Ε. Δράμας, Ἐρμοῦ 1, τηλ. 22.399.

Πρός τούς κ.κ. Φαρμακοποιούς καί Ἰατρούς
Ἀνακοίνωση
Ἐπειδή οἱ ἀλλεπάλληλες ἐφαλμένες δημοσιεύσεις τῆς τιμῆς τοῦ
VARIPLEX SUSP. 250 mg
στούς πίνακες τιμῶν προκάλεσαν σύγχυση, διευκρινίζουμε ὅτι ἡ τιμή τοῦ προϊόντος μας
VARIPLEX SUSP. 250 mg/5 ml
δέν τροποποιήθηκε μέ τίς πρόσφατες ἀλλαγές τιμῶν καί εἶναι:
Χονδρική τιμή 109 δρχ.
Διανική τιμή 145 δρχ.
III	Εὐχαριστοῦμε SQUIBB Α.Ε.Β.Ε.
ΚΑΤΕΡΙΝΑ
ΑΓ. ΣΟΦΙΑΣ - ΚΑΣΣΑΝΔΡΟΥ
ΣΗΜΕΡΑ
• ΡΟΤΖΕΡ ΜΟΥΡ
ΤΟΝΥ ΚΕΡΤΙΣ
ΣΤΗΝ ΕΓΧΡΩΜΗ ΤΑΙΝΙΑ 1876—1977
ΣΑΜΑΤΑΣ ΣΤΟ ΜΟΝΤΕ ΚΑΡΛΟ
ΤΟ ΑΡΩΜΑ ΤΗΣ ΓΥΝΑΙΚΑΣ
ΒΙΤΤΟΡΙΟ ΓΚΑΣΜΑΝ ΑΛΕΞΑΝΔΡΟ ΜΟΜΟ ΑΓΟΥΣΤΙΝΑ ΜΠΕΛΛΙ
ΖΗΣΗΣ αὐτοκίνητα
CITROEN 1015 MOD. 75 Β	Δρχ. 220.000
CULT 12 4 θυρῶν	Δρχ. 150.000
OPEL KADETT OLYMPIA	Δρχ. 115.000
ΒΕΖΑ 804/12	Δρχ. 210.000
ΤΗΛ. 837.231, 823.993, 810.864 — ΘΕΣΣΑΛΟΝΙΚΗ
Μέ τόν «ΑΡΗ» στήν ΚΑΒΑΛΑ
Ἀναχώρησις 7.30 π.μ. 12-12-76. Ε. ΓΟΥΝΑΡΗ 26, τηλ. 268-502
ΕΚΔΡΟΜΑΙ ΠΟΙΟΤΗΤΟΣ
Σόφια - Φιλιππούπολις 25—28/12. Ὀρλέα - Σόφια 23—28/12. Κωνσταντινούπολις 25—30/12.
Παρά ΑΝΩΝΥΜΟΥ ΤΕΧΝΙΚΗΣ ΕΤΑΙΡΙΑΣ
ζητοῦνται: ΤΕΧΝΙΤΑΙ ΚΛΙΜΑΤΙΣΤΙΚΩΝ ΚΑΙ ΥΔΡΑΥΛΙΚΩΝ ΕΓΚΑΤΑΣΤΑΣΕΩΝ. Πληροφορίες τηλ. 538-025
SUBARU 500
ΘΑΥΜΑΣΙΟ ΥΠΕΡΟΧΟ
ΤΕΛΕΙΟ ΤΟ ΚΥΚΛΟΦΟΡΕΙΤΕ ΜΕ 150.000 ΔΡΧ.
ΕΚΘΕΣΙΣ: ΑΝΘΕΩΝ 2 ΤΗΛ. 837.107, 417.262
ΕΚΥΚΛΟΦΟΡΗΣΕ
Τό ΕΙΔΙΚΟ ΚΡΑΤΙΚΟ ΛΑΧΕΙΟ
ΠΡΩΤΟΣ ΛΑΧΝΟΣ 15.000.000
